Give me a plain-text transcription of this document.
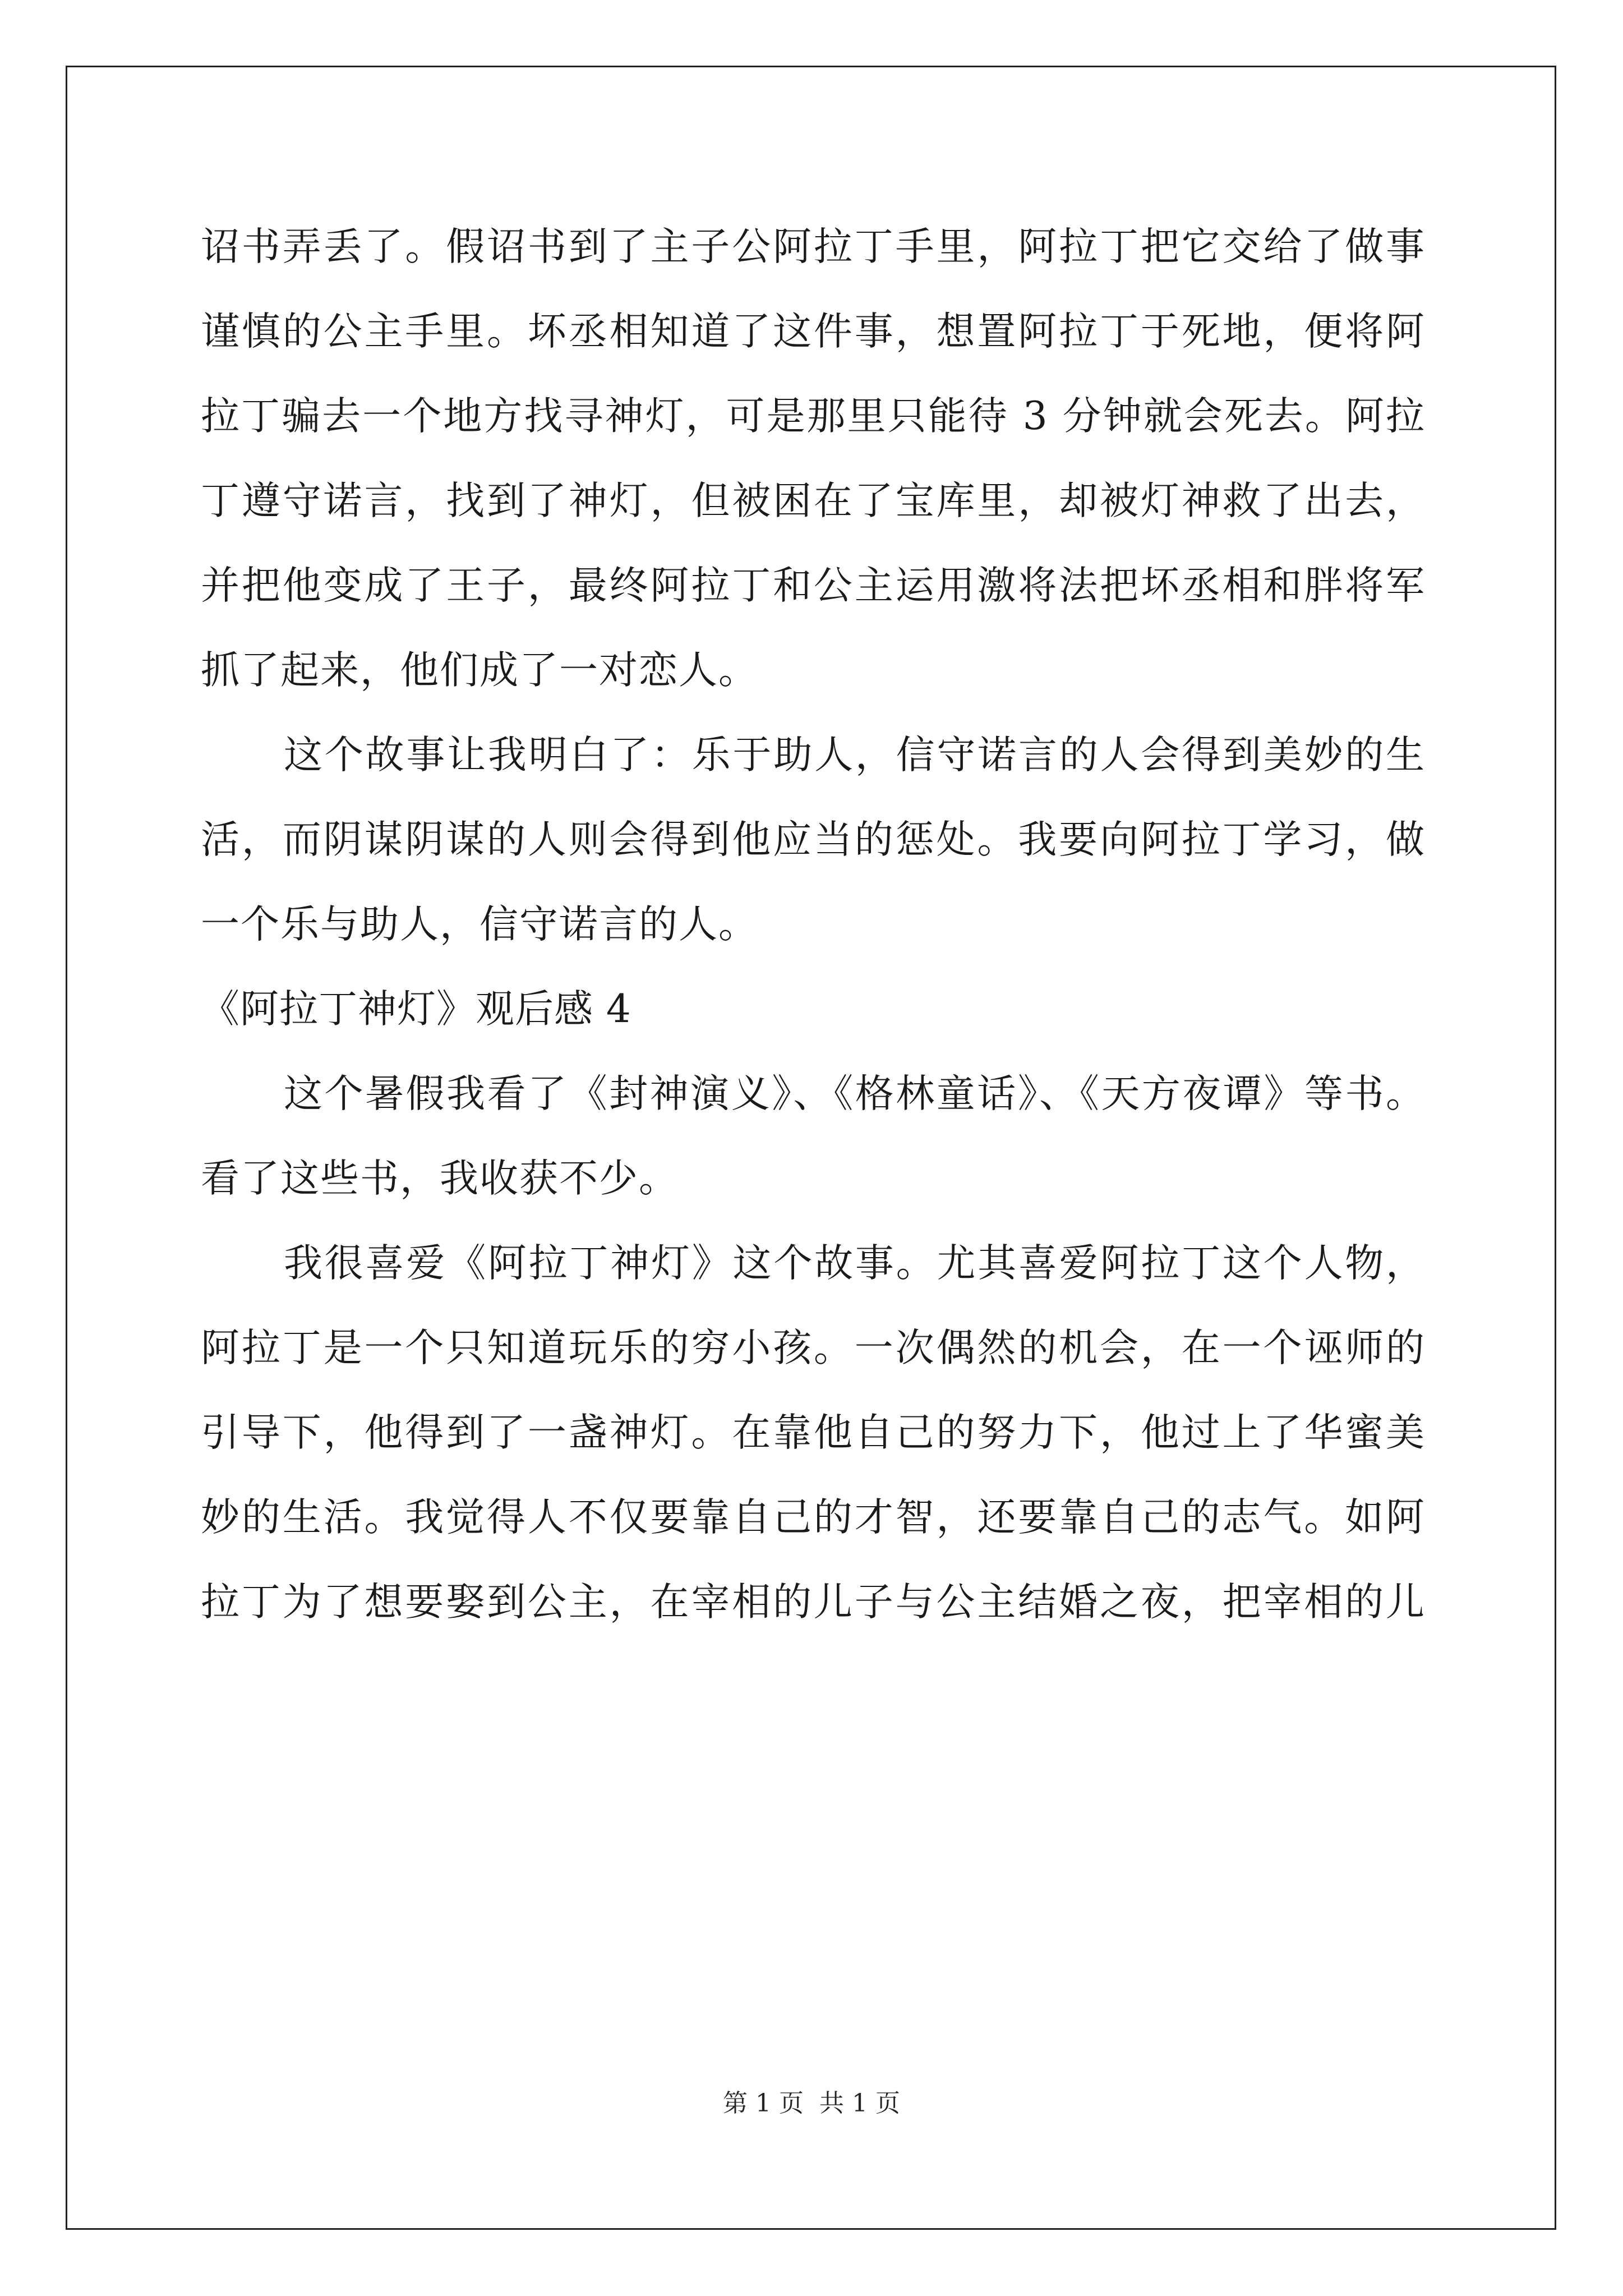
诏书弄丢了。假诏书到了主子公阿拉丁手里，阿拉丁把它交给了做事
谨慎的公主手里。坏丞相知道了这件事，想置阿拉丁于死地，便将阿
拉丁骗去一个地方找寻神灯，可是那里只能待 3 分钟就会死去。阿拉
丁遵守诺言，找到了神灯，但被困在了宝库里，却被灯神救了出去，
并把他变成了王子，最终阿拉丁和公主运用激将法把坏丞相和胖将军
抓了起来，他们成了一对恋人。
这个故事让我明白了：乐于助人，信守诺言的人会得到美妙的生
活，而阴谋阴谋的人则会得到他应当的惩处。我要向阿拉丁学习，做
一个乐与助人，信守诺言的人。
《阿拉丁神灯》观后感 4
这个暑假我看了《封神演义》、《格林童话》、《天方夜谭》等书。
看了这些书，我收获不少。
我很喜爱《阿拉丁神灯》这个故事。尤其喜爱阿拉丁这个人物，
阿拉丁是一个只知道玩乐的穷小孩。一次偶然的机会，在一个诬师的
引导下，他得到了一盏神灯。在靠他自己的努力下，他过上了华蜜美
妙的生活。我觉得人不仅要靠自己的才智，还要靠自己的志气。如阿
拉丁为了想要娶到公主，在宰相的儿子与公主结婚之夜，把宰相的儿
第 1 页 共 1 页
